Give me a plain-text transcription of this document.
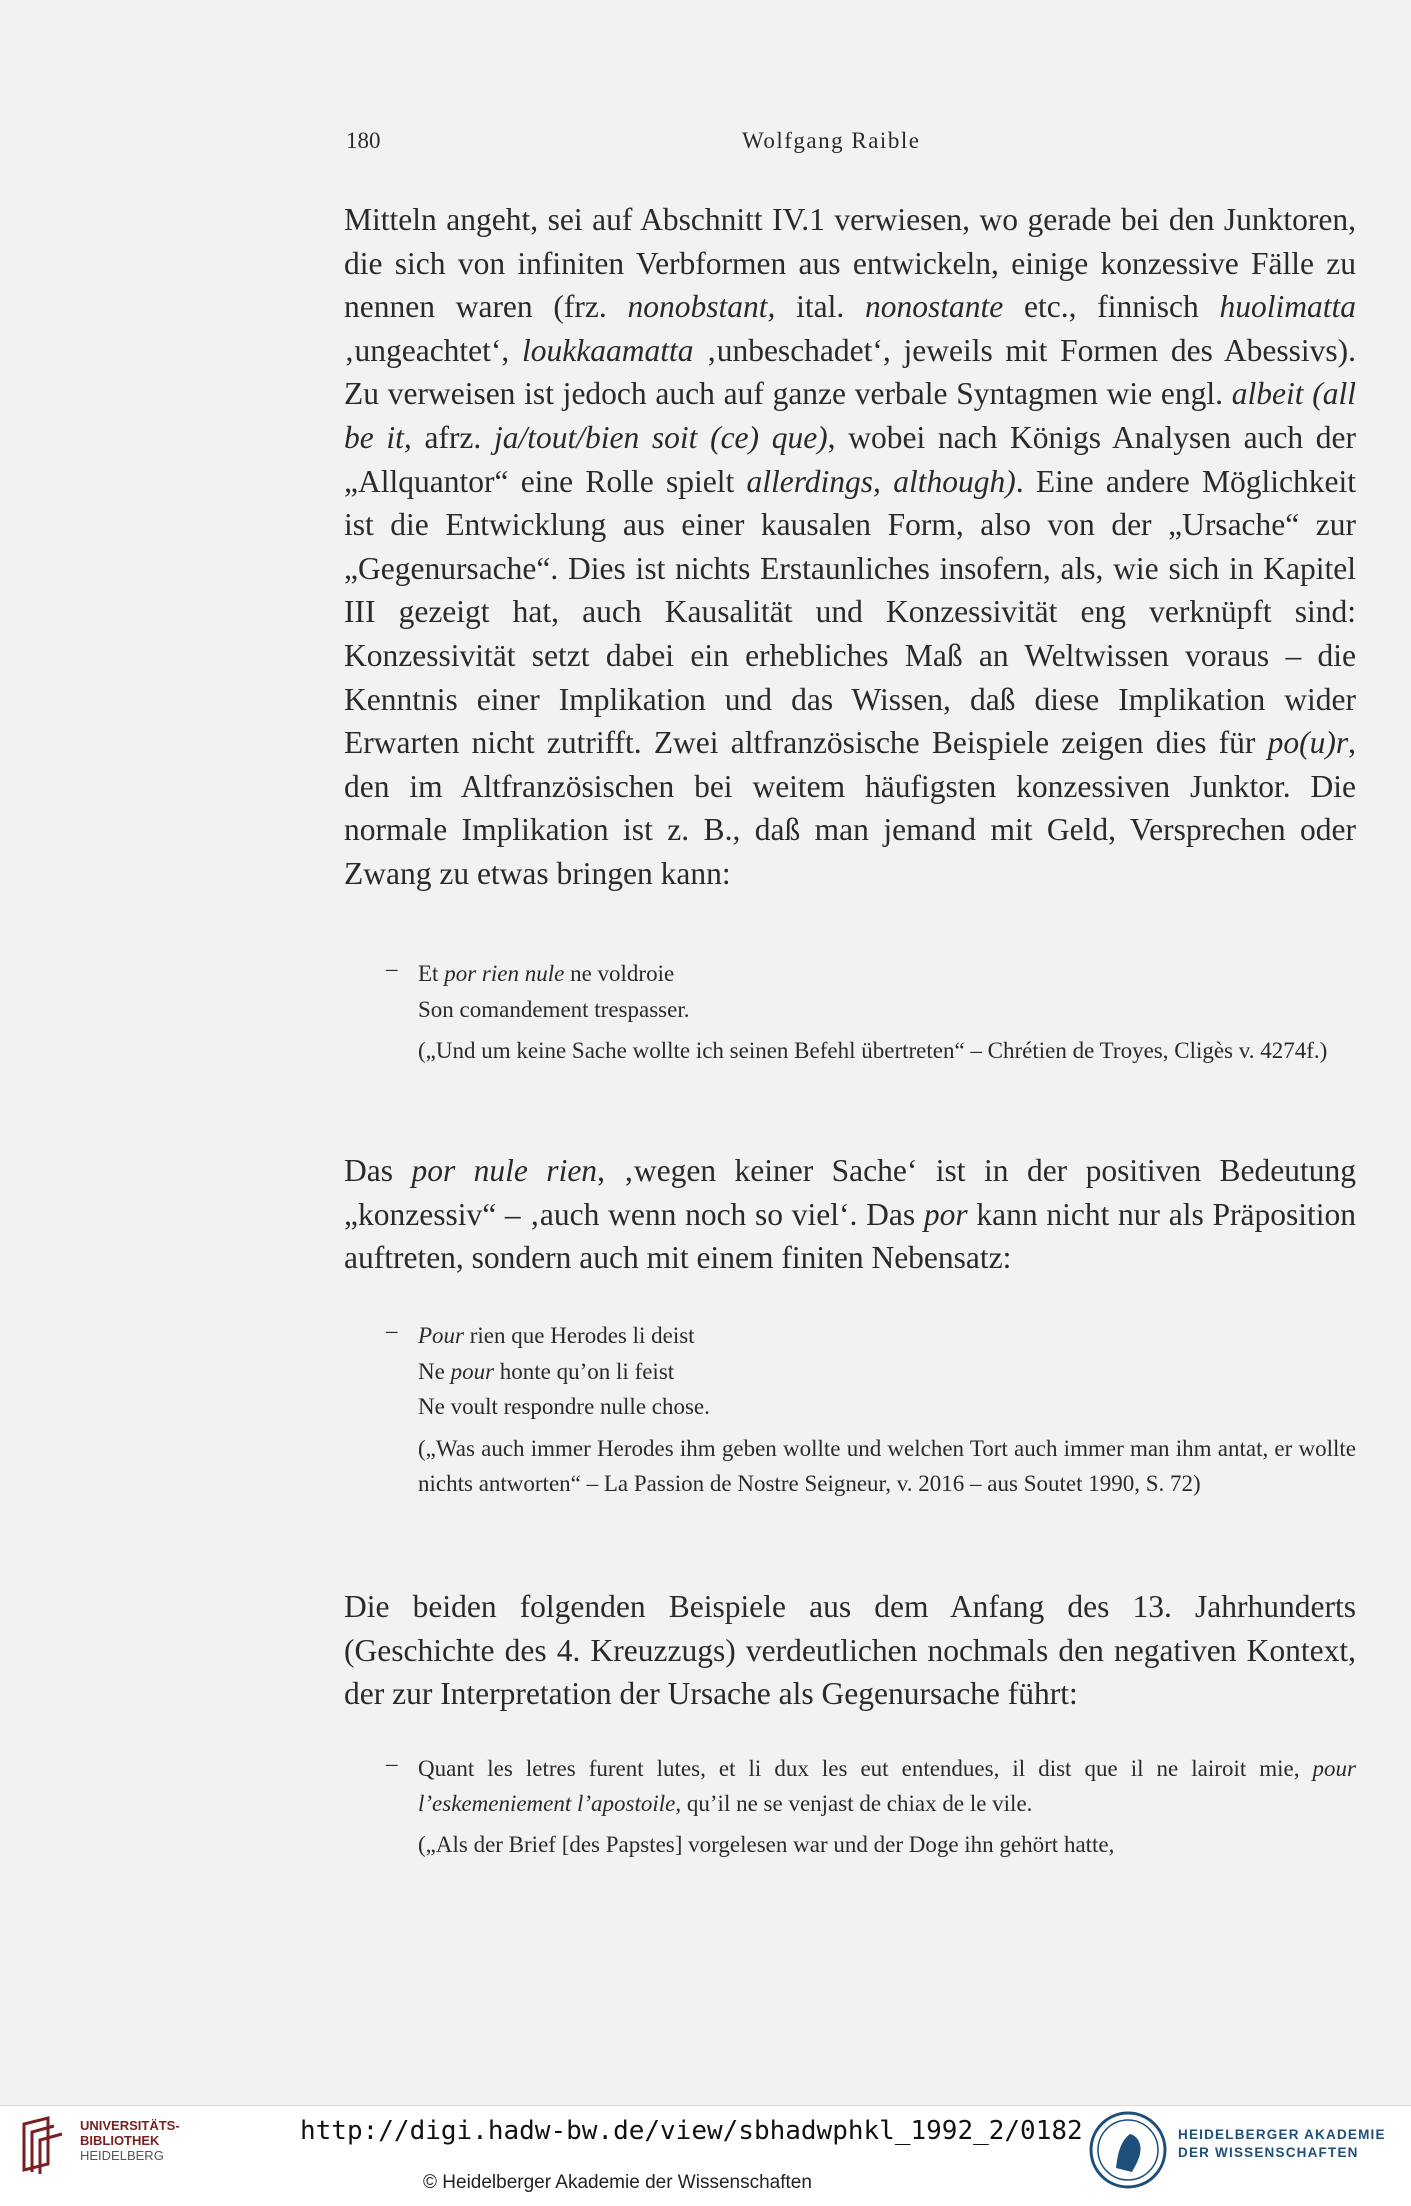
180	Wolfgang Raible

Mitteln angeht, sei auf Abschnitt IV.1 verwiesen, wo gerade bei den Junktoren, die sich von infiniten Verbformen aus entwickeln, einige konzessive Fälle zu nennen waren (frz. nonobstant, ital. nonostante etc., finnisch huolimatta ‚ungeachtet‘, loukkaamatta ‚unbeschadet‘, jeweils mit Formen des Abessivs). Zu verweisen ist jedoch auch auf ganze verbale Syntagmen wie engl. albeit (all be it, afrz. ja/tout/bien soit (ce) que), wobei nach Königs Analysen auch der „Allquantor“ eine Rolle spielt allerdings, although). Eine andere Möglichkeit ist die Entwicklung aus einer kausalen Form, also von der „Ursache“ zur „Gegenursache“. Dies ist nichts Erstaunliches insofern, als, wie sich in Kapitel III gezeigt hat, auch Kausalität und Konzessivität eng verknüpft sind: Konzessivität setzt dabei ein erhebliches Maß an Weltwissen voraus – die Kenntnis einer Implikation und das Wissen, daß diese Implikation wider Erwarten nicht zutrifft. Zwei altfranzösische Beispiele zeigen dies für po(u)r, den im Altfranzösischen bei weitem häufigsten konzessiven Junktor. Die normale Implikation ist z. B., daß man jemand mit Geld, Versprechen oder Zwang zu etwas bringen kann:

– Et por rien nule ne voldroie
Son comandement trespasser.
(„Und um keine Sache wollte ich seinen Befehl übertreten“ – Chrétien de Troyes, Cligès v. 4274f.)

Das por nule rien, ‚wegen keiner Sache‘ ist in der positiven Bedeutung „konzessiv“ – ‚auch wenn noch so viel‘. Das por kann nicht nur als Präposition auftreten, sondern auch mit einem finiten Nebensatz:

– Pour rien que Herodes li deist
Ne pour honte qu’on li feist
Ne voult respondre nulle chose.
(„Was auch immer Herodes ihm geben wollte und welchen Tort auch immer man ihm antat, er wollte nichts antworten“ – La Passion de Nostre Seigneur, v. 2016 – aus Soutet 1990, S. 72)

Die beiden folgenden Beispiele aus dem Anfang des 13. Jahrhunderts (Geschichte des 4. Kreuzzugs) verdeutlichen nochmals den negativen Kontext, der zur Interpretation der Ursache als Gegenursache führt:

– Quant les letres furent lutes, et li dux les eut entendues, il dist que il ne lairoit mie, pour l’eskemeniement l’apostoile, qu’il ne se venjast de chiax de le vile.
(„Als der Brief [des Papstes] vorgelesen war und der Doge ihn gehört hatte,
UNIVERSITÄTS-
BIBLIOTHEK
HEIDELBERG
http://digi.hadw-bw.de/view/sbhadwphkl_1992_2/0182
© Heidelberger Akademie der Wissenschaften
HEIDELBERGER AKADEMIE
DER WISSENSCHAFTEN
